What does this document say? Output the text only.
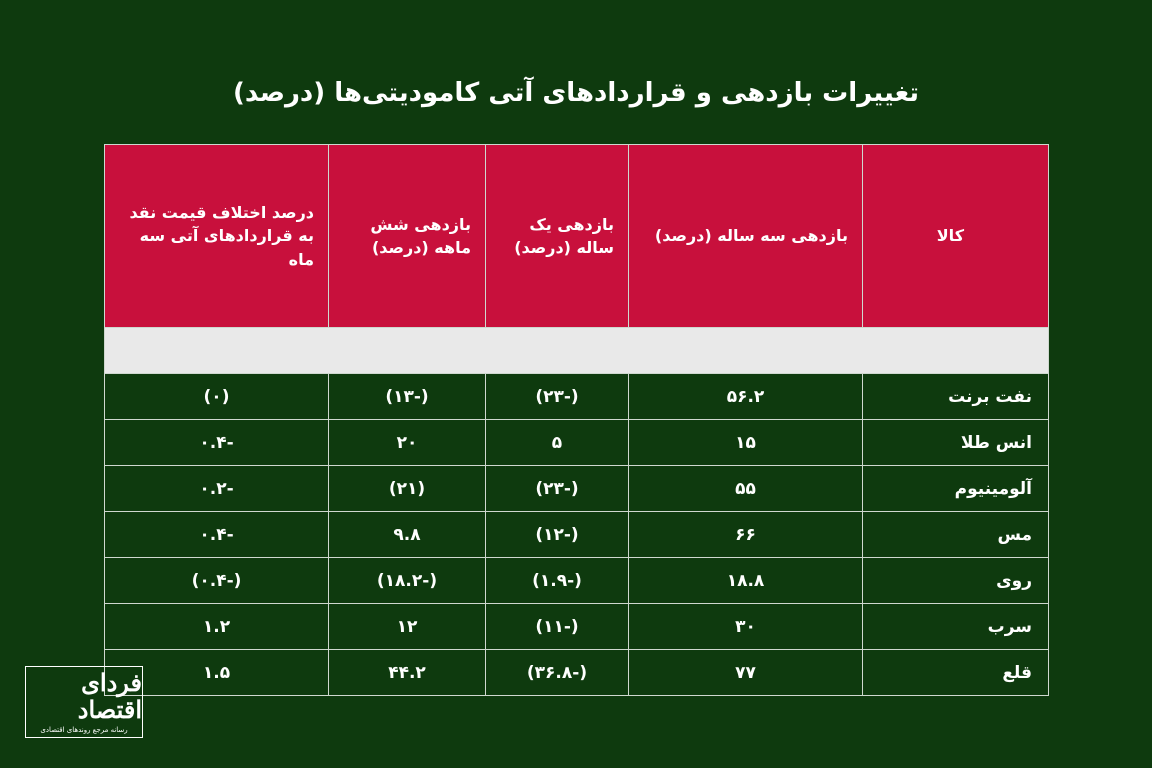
تغییرات بازدهی و قراردادهای آتی کامودیتی‌ها (درصد)
کالا	بازدهی سه ساله (درصد)	بازدهی یک ساله (درصد)	بازدهی شش ماهه (درصد)	درصد اختلاف قیمت نقد به قراردادهای آتی سه ماه

نفت برنت	۵۶.۲	(-۲۳)	(-۱۳)	(۰)
انس طلا	۱۵	۵	۲۰	-۰.۴
آلومینیوم	۵۵	(-۲۳)	(۲۱)	-۰.۲
مس	۶۶	(-۱۲)	۹.۸	-۰.۴
روی	۱۸.۸	(-۱.۹)	(-۱۸.۲)	(-۰.۴)
سرب	۳۰	(-۱۱)	۱۲	۱.۲
قلع	۷۷	(-۳۶.۸)	۴۴.۲	۱.۵
فردای اقتصاد
رسانه مرجع روندهای اقتصادی
